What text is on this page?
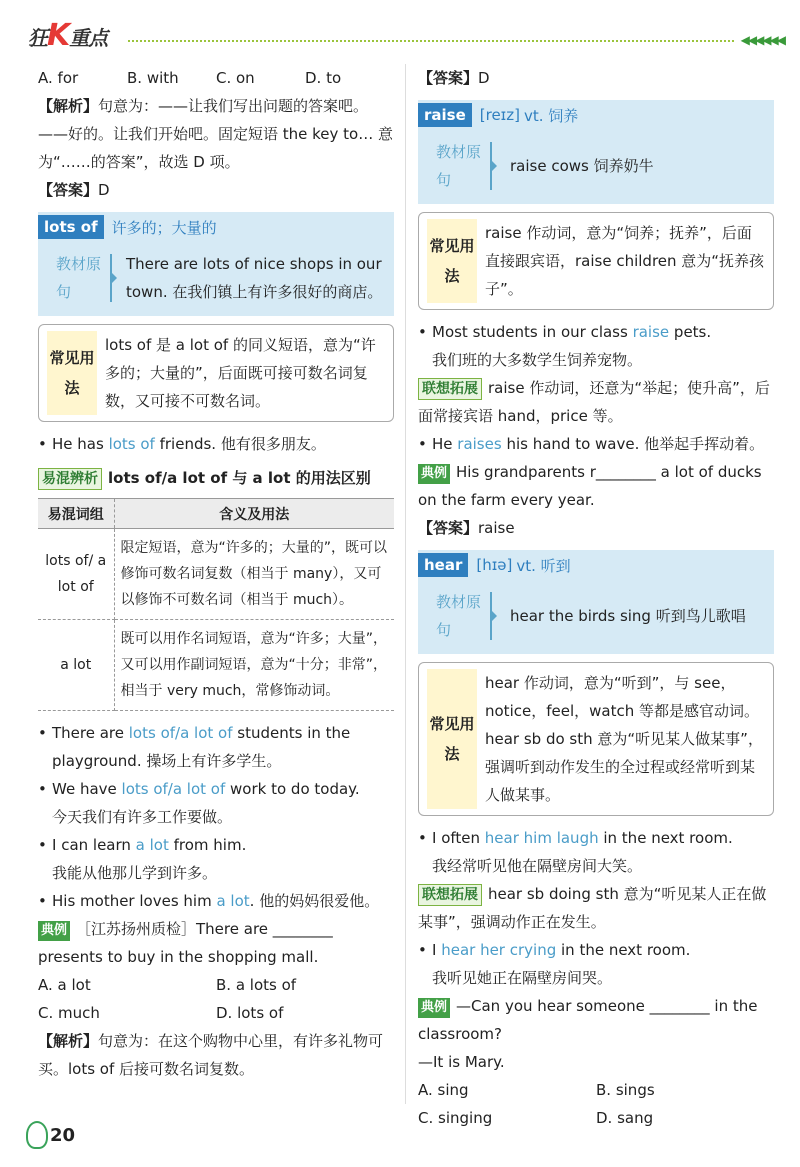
狂K重点	◀◀◀◀◀◀
A. for	B. with	C. on	D. to
【解析】句意为：——让我们写出问题的答案吧。——好的。让我们开始吧。固定短语 the key to… 意为“……的答案”，故选 D 项。
【答案】D
lots of 许多的；大量的
教材原句
There are lots of nice shops in our town. 在我们镇上有许多很好的商店。
常见用法
lots of 是 a lot of 的同义短语，意为“许多的；大量的”，后面既可接可数名词复数，又可接不可数名词。
• He has lots of friends. 他有很多朋友。
易混辨析 lots of/a lot of 与 a lot 的用法区别
易混词组	含义及用法
lots of/ a lot of	限定短语，意为“许多的；大量的”，既可以修饰可数名词复数（相当于 many），又可以修饰不可数名词（相当于 much）。
a lot	既可以用作名词短语，意为“许多；大量”，又可以用作副词短语，意为“十分；非常”，相当于 very much，常修饰动词。
• There are lots of/a lot of students in the playground. 操场上有许多学生。
• We have lots of/a lot of work to do today.
今天我们有许多工作要做。
• I can learn a lot from him.
我能从他那儿学到许多。
• His mother loves him a lot. 他的妈妈很爱他。
典例 ［江苏扬州质检］There are ________ presents to buy in the shopping mall.
A. a lot	B. a lots of
C. much	D. lots of
【解析】句意为：在这个购物中心里，有许多礼物可买。lots of 后接可数名词复数。
【答案】D
raise [reɪz] vt. 饲养
教材原句
raise cows 饲养奶牛
常见用法
raise 作动词，意为“饲养；抚养”，后面直接跟宾语，raise children 意为“抚养孩子”。
• Most students in our class raise pets.
我们班的大多数学生饲养宠物。
联想拓展 raise 作动词，还意为“举起；使升高”，后面常接宾语 hand，price 等。
• He raises his hand to wave. 他举起手挥动着。
典例 His grandparents r________ a lot of ducks on the farm every year.
【答案】raise
hear [hɪə] vt. 听到
教材原句
hear the birds sing 听到鸟儿歌唱
常见用法
hear 作动词，意为“听到”，与 see，notice，feel，watch 等都是感官动词。hear sb do sth 意为“听见某人做某事”，强调听到动作发生的全过程或经常听到某人做某事。
• I often hear him laugh in the next room.
我经常听见他在隔壁房间大笑。
联想拓展 hear sb doing sth 意为“听见某人正在做某事”，强调动作正在发生。
• I hear her crying in the next room.
我听见她正在隔壁房间哭。
典例 —Can you hear someone ________ in the classroom?
—It is Mary.
A. sing	B. sings
C. singing	D. sang
20
